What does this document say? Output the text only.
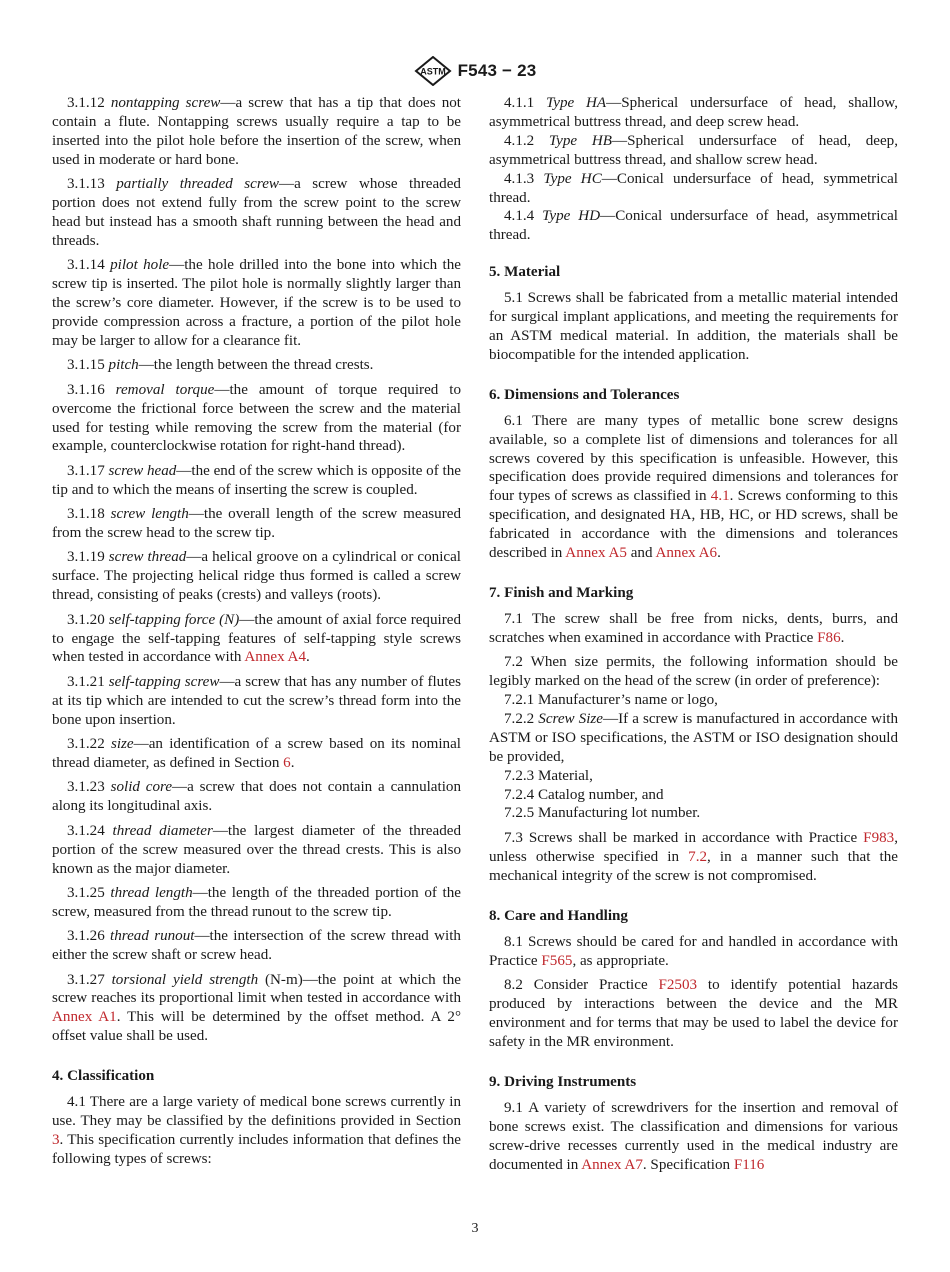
ASTM F543 − 23

3.1.12 nontapping screw—a screw that has a tip that does not contain a flute. Nontapping screws usually require a tap to be inserted into the pilot hole before the insertion of the screw, when used in moderate or hard bone.

3.1.13 partially threaded screw—a screw whose threaded portion does not extend fully from the screw point to the screw head but instead has a smooth shaft running between the head and threads.

3.1.14 pilot hole—the hole drilled into the bone into which the screw tip is inserted. The pilot hole is normally slightly larger than the screw’s core diameter. However, if the screw is to be used to provide compression across a fracture, a portion of the pilot hole may be larger to allow for a clearance fit.

3.1.15 pitch—the length between the thread crests.

3.1.16 removal torque—the amount of torque required to overcome the frictional force between the screw and the material used for testing while removing the screw from the material (for example, counterclockwise rotation for right-hand thread).

3.1.17 screw head—the end of the screw which is opposite of the tip and to which the means of inserting the screw is coupled.

3.1.18 screw length—the overall length of the screw measured from the screw head to the screw tip.

3.1.19 screw thread—a helical groove on a cylindrical or conical surface. The projecting helical ridge thus formed is called a screw thread, consisting of peaks (crests) and valleys (roots).

3.1.20 self-tapping force (N)—the amount of axial force required to engage the self-tapping features of self-tapping style screws when tested in accordance with Annex A4.

3.1.21 self-tapping screw—a screw that has any number of flutes at its tip which are intended to cut the screw’s thread form into the bone upon insertion.

3.1.22 size—an identification of a screw based on its nominal thread diameter, as defined in Section 6.

3.1.23 solid core—a screw that does not contain a cannulation along its longitudinal axis.

3.1.24 thread diameter—the largest diameter of the threaded portion of the screw measured over the thread crests. This is also known as the major diameter.

3.1.25 thread length—the length of the threaded portion of the screw, measured from the thread runout to the screw tip.

3.1.26 thread runout—the intersection of the screw thread with either the screw shaft or screw head.

3.1.27 torsional yield strength (N-m)—the point at which the screw reaches its proportional limit when tested in accordance with Annex A1. This will be determined by the offset method. A 2° offset value shall be used.

4. Classification

4.1 There are a large variety of medical bone screws currently in use. They may be classified by the definitions provided in Section 3. This specification currently includes information that defines the following types of screws:

4.1.1 Type HA—Spherical undersurface of head, shallow, asymmetrical buttress thread, and deep screw head.

4.1.2 Type HB—Spherical undersurface of head, deep, asymmetrical buttress thread, and shallow screw head.

4.1.3 Type HC—Conical undersurface of head, symmetrical thread.

4.1.4 Type HD—Conical undersurface of head, asymmetrical thread.

5. Material

5.1 Screws shall be fabricated from a metallic material intended for surgical implant applications, and meeting the requirements for an ASTM medical material. In addition, the materials shall be biocompatible for the intended application.

6. Dimensions and Tolerances

6.1 There are many types of metallic bone screw designs available, so a complete list of dimensions and tolerances for all screws covered by this specification is unfeasible. However, this specification does provide required dimensions and tolerances for four types of screws as classified in 4.1. Screws conforming to this specification, and designated HA, HB, HC, or HD screws, shall be fabricated in accordance with the dimensions and tolerances described in Annex A5 and Annex A6.

7. Finish and Marking

7.1 The screw shall be free from nicks, dents, burrs, and scratches when examined in accordance with Practice F86.

7.2 When size permits, the following information should be legibly marked on the head of the screw (in order of preference):

7.2.1 Manufacturer’s name or logo,

7.2.2 Screw Size—If a screw is manufactured in accordance with ASTM or ISO specifications, the ASTM or ISO designation should be provided,

7.2.3 Material,

7.2.4 Catalog number, and

7.2.5 Manufacturing lot number.

7.3 Screws shall be marked in accordance with Practice F983, unless otherwise specified in 7.2, in a manner such that the mechanical integrity of the screw is not compromised.

8. Care and Handling

8.1 Screws should be cared for and handled in accordance with Practice F565, as appropriate.

8.2 Consider Practice F2503 to identify potential hazards produced by interactions between the device and the MR environment and for terms that may be used to label the device for safety in the MR environment.

9. Driving Instruments

9.1 A variety of screwdrivers for the insertion and removal of bone screws exist. The classification and dimensions for various screw-drive recesses currently used in the medical industry are documented in Annex A7. Specification F116

3
